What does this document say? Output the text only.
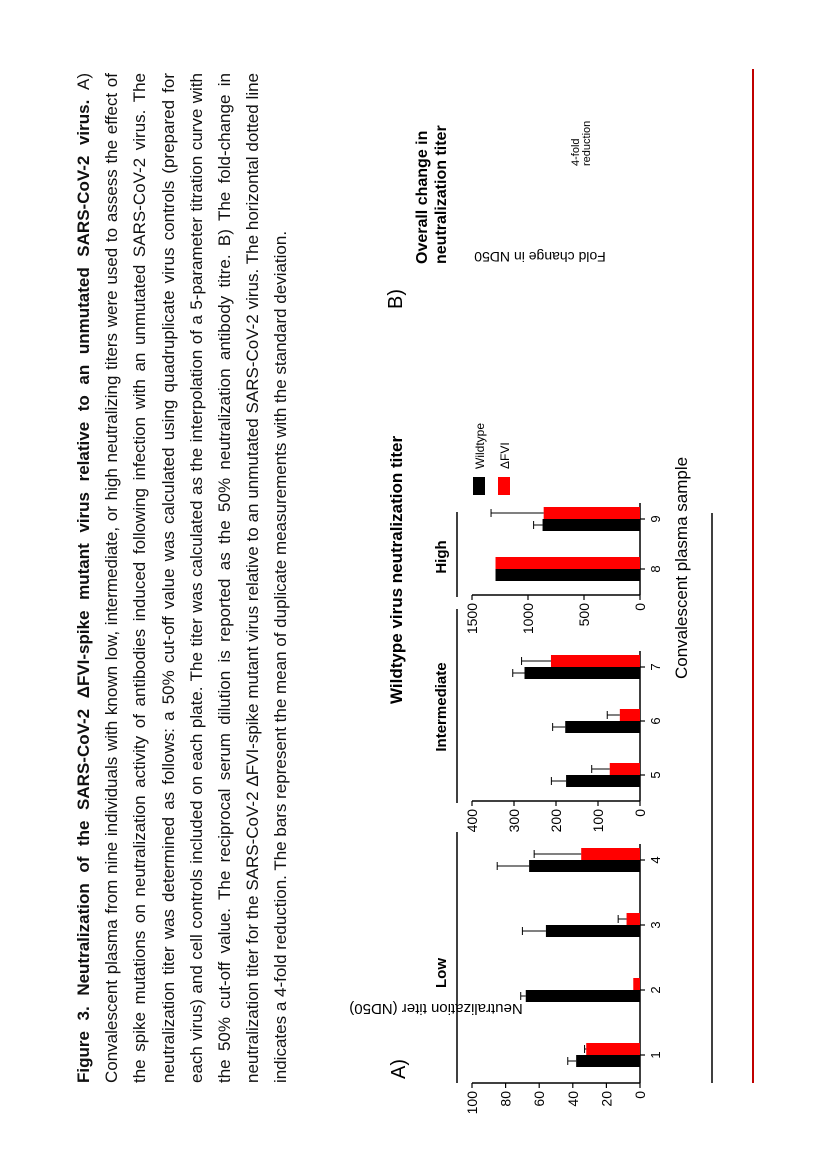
Figure 3. Neutralization of the SARS-CoV-2 ΔFVI-spike mutant virus relative to an unmutated SARS-CoV-2 virus. A) Convalescent plasma from nine individuals with known low, intermediate, or high neutralizing titers were used to assess the effect of the spike mutations on neutralization activity of antibodies induced following infection with an unmutated SARS-CoV-2 virus. The neutralization titer was determined as follows: a 50% cut-off value was calculated using quadruplicate virus controls (prepared for each virus) and cell controls included on each plate. The titer was calculated as the interpolation of a 5-parameter titration curve with the 50% cut-off value. The reciprocal serum dilution is reported as the 50% neutralization antibody titre. B) The fold-change in neutralization titer for the SARS-CoV-2 ΔFVI-spike mutant virus relative to an unmutated SARS-CoV-2 virus. The horizontal dotted line indicates a 4-fold reduction. The bars represent the mean of duplicate measurements with the standard deviation.	A)
Wildtype virus neutralization titer	Convalescent plasma sample
Neutralization titer (ND50)
Low
Intermediate
High
Wildtype ΔFVI
0
20
40
60
80
100
1
2
3
4
0
100
200
300
400
5
6
7
0
500
1000
1500
8
9
B)
Overall change in neutralization titer Fold change in ND50
4-fold reduction
